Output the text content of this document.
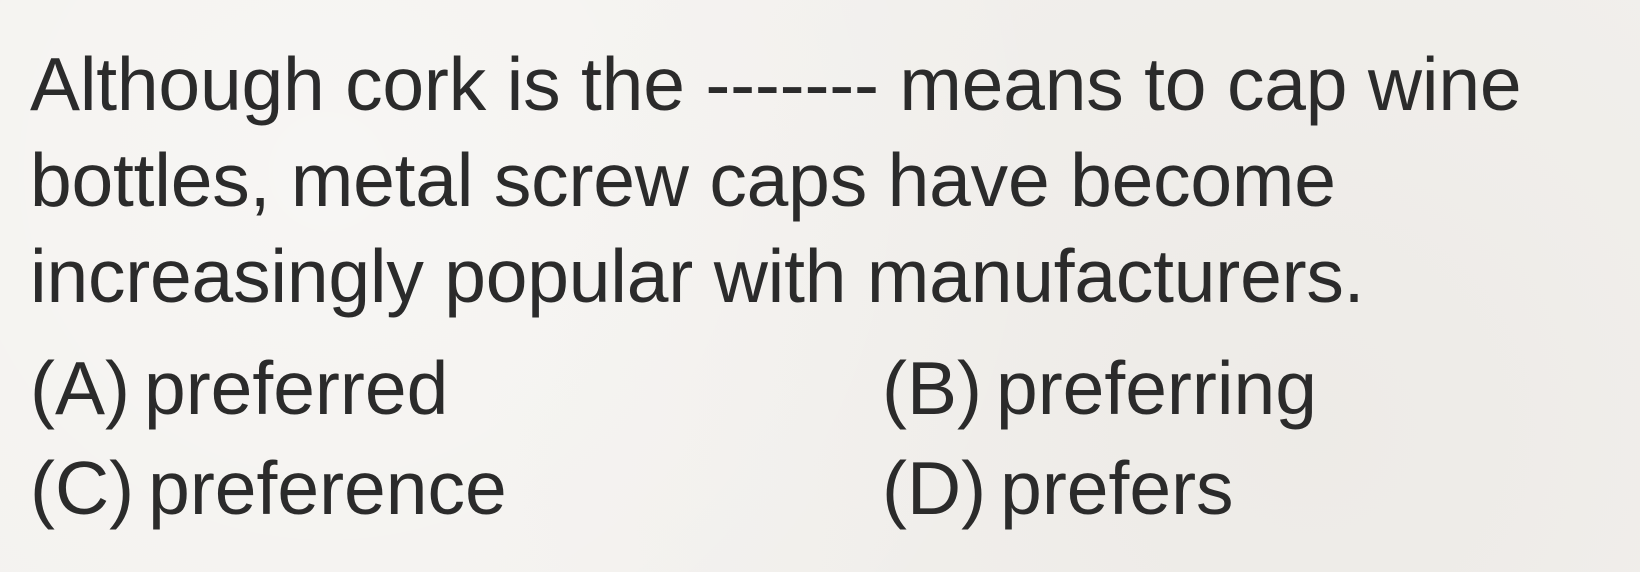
Although cork is the ------- means to cap wine bottles, metal screw caps have become increasingly popular with manufacturers.

(A) preferred	(B) preferring
(C) preference	(D) prefers
